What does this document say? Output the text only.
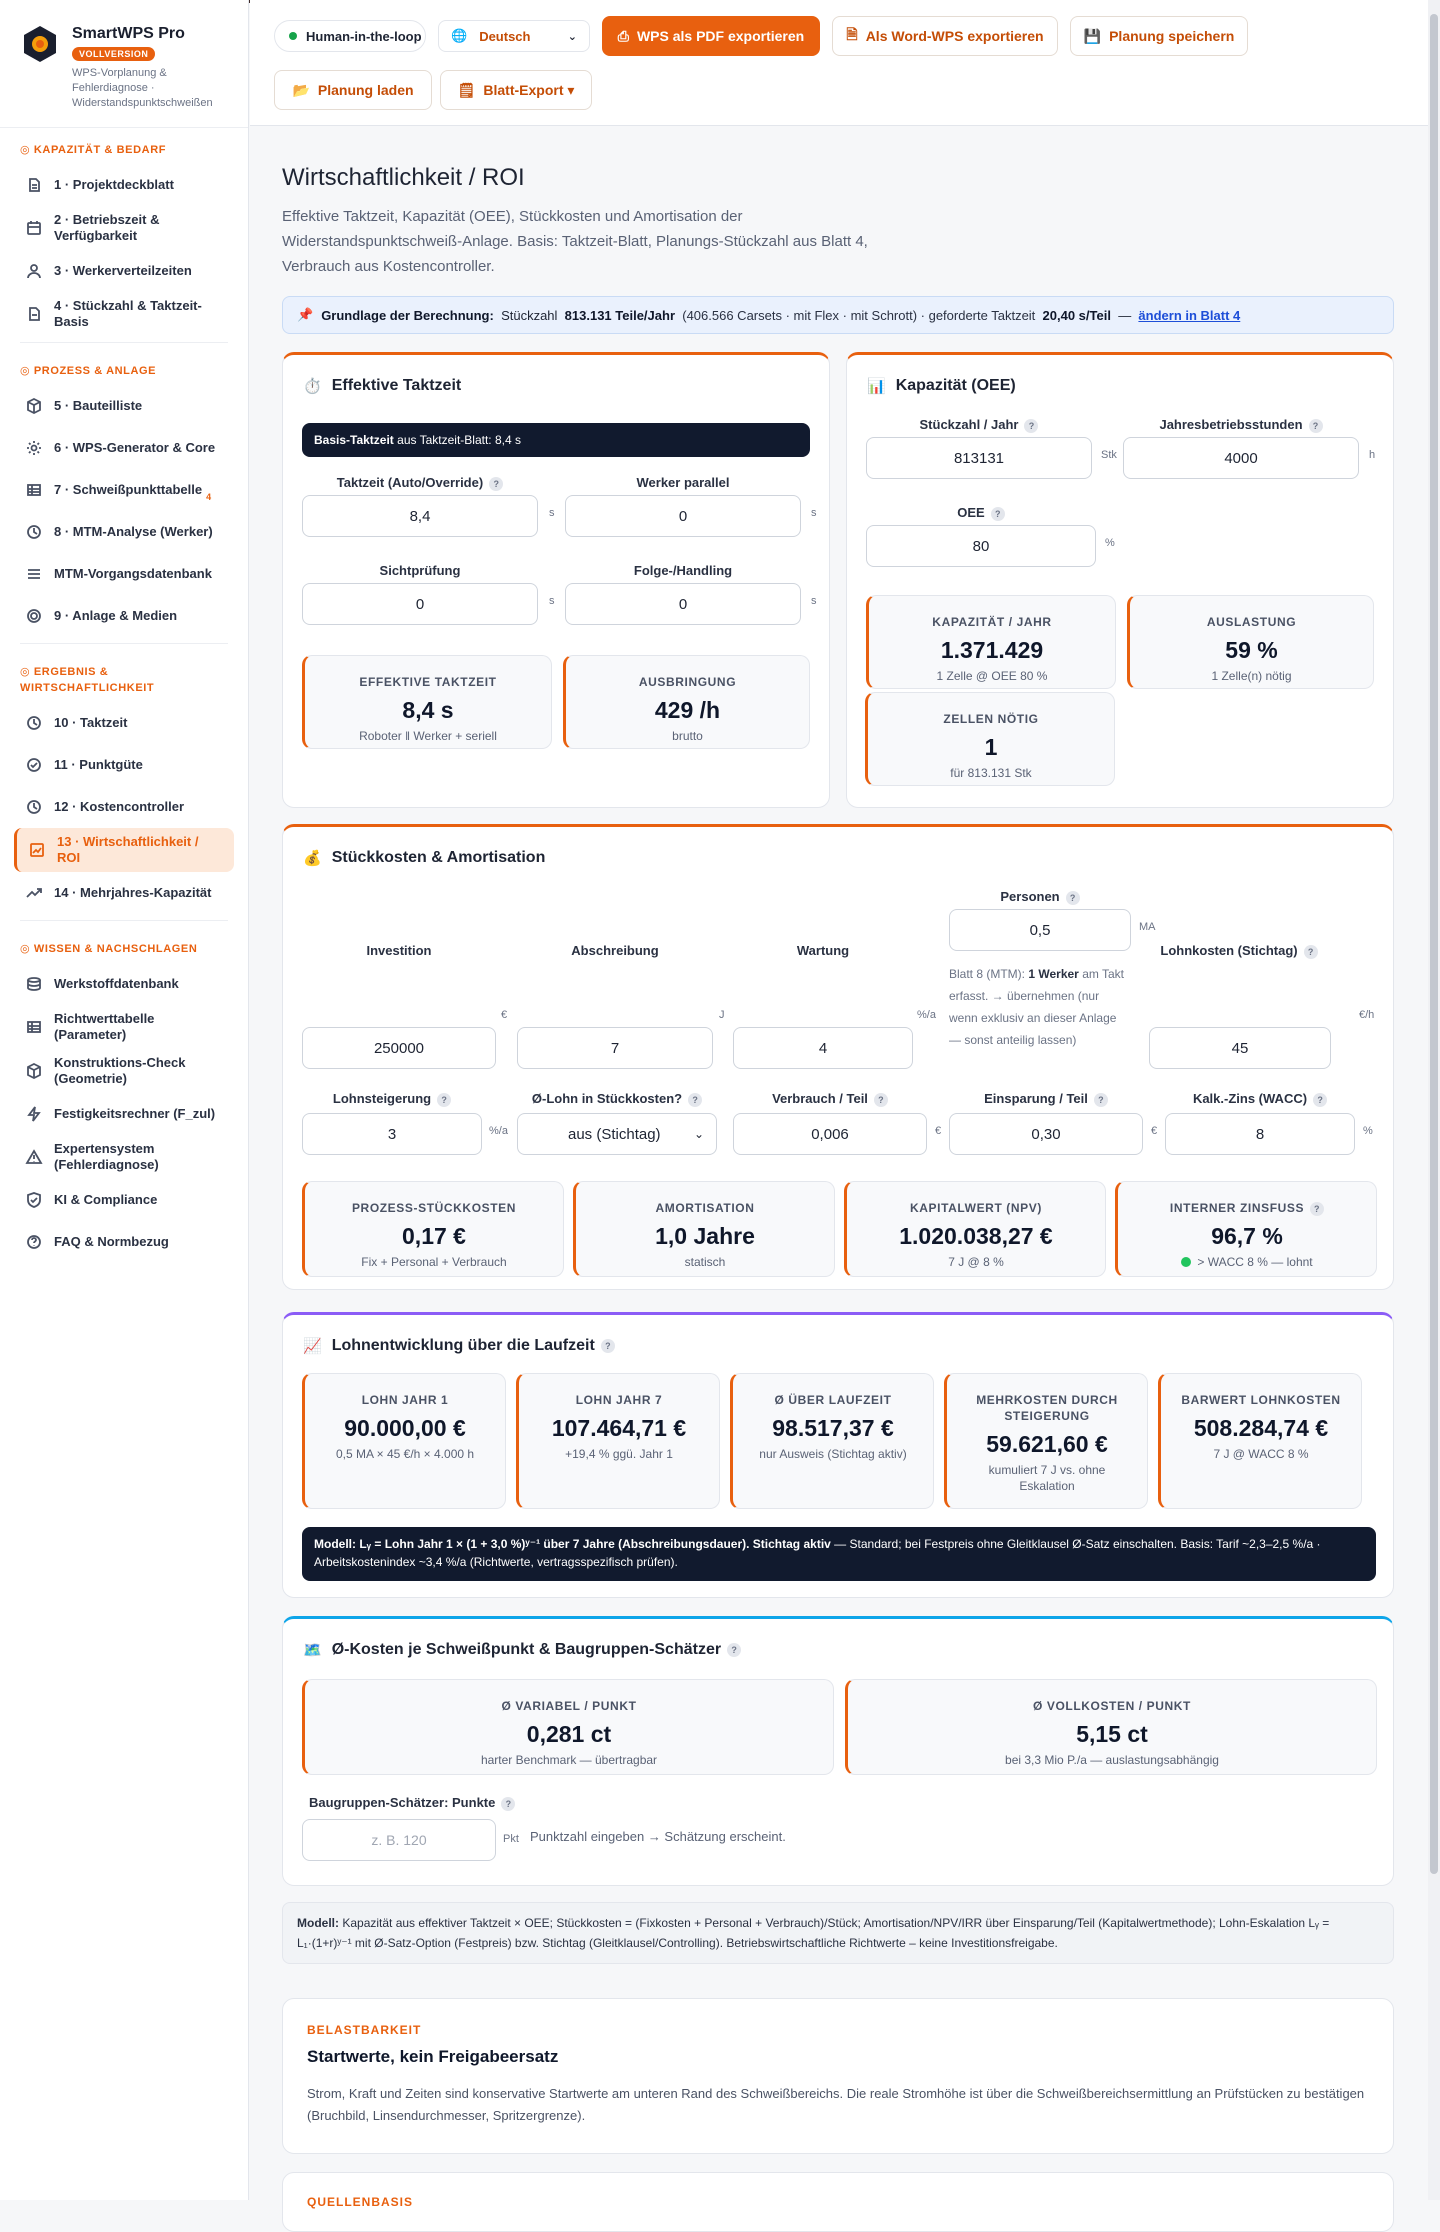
SmartWPS Pro
VOLLVERSION
WPS-Vorplanung & Fehlerdiagnose · Widerstandspunktschweißen
◎ KAPAZITÄT & BEDARF
1 · Projektdeckblatt
2 · Betriebszeit & Verfügbarkeit
3 · Werkerverteilzeiten
4 · Stückzahl & Taktzeit-Basis
◎ PROZESS & ANLAGE
5 · Bauteilliste
6 · WPS-Generator & Core
7 · Schweißpunkttabelle 4
8 · MTM-Analyse (Werker)
MTM-Vorgangsdatenbank
9 · Anlage & Medien
◎ ERGEBNIS & WIRTSCHAFTLICHKEIT
10 · Taktzeit
11 · Punktgüte
12 · Kostencontroller
13 · Wirtschaftlichkeit / ROI
14 · Mehrjahres-Kapazität
◎ WISSEN & NACHSCHLAGEN
Werkstoffdatenbank
Richtwerttabelle (Parameter)
Konstruktions-Check (Geometrie)
Festigkeitsrechner (F_zul)
Expertensystem (Fehlerdiagnose)
KI & Compliance
FAQ & Normbezug
Human-in-the-loop 🌐 Deutsch	⌄	⎙ WPS als PDF exportieren	🗎 Als Word-WPS exportieren	💾 Planung speichern
📂 Planung laden	🗒 Blatt-Export ▾
Wirtschaftlichkeit / ROI
Effektive Taktzeit, Kapazität (OEE), Stückkosten und Amortisation der Widerstandspunktschweiß-Anlage. Basis: Taktzeit-Blatt, Planungs-Stückzahl aus Blatt 4, Verbrauch aus Kostencontroller.
📌 Grundlage der Berechnung:
Stückzahl
813.131 Teile/Jahr
(406.566 Carsets · mit Flex · mit Schrott) · geforderte Taktzeit
20,40 s/Teil
—
ändern in Blatt 4
⏱️ Effektive Taktzeit
Basis-Taktzeit
aus Taktzeit-Blatt: 8,4 s
Taktzeit (Auto/Override) ?
8,4	s
Werker parallel
0	s
Sichtprüfung
0	s
Folge-/Handling
0	s
EFFEKTIVE TAKTZEIT
8,4 s
Roboter ‖ Werker + seriell
AUSBRINGUNG
429 /h
brutto
📊 Kapazität (OEE)
Stückzahl / Jahr ?
813131	Stk
Jahresbetriebsstunden ?
4000	h
OEE ?
80	%
KAPAZITÄT / JAHR
1.371.429
1 Zelle @ OEE 80 %
AUSLASTUNG
59 %
1 Zelle(n) nötig
ZELLEN NÖTIG
1
für 813.131 Stk
💰 Stückkosten & Amortisation
Investition
€
250000
Abschreibung
J
7
Wartung
%/a
4
Personen ?
0,5	MA
Blatt 8 (MTM): 1 Werker am Takt erfasst. → übernehmen (nur wenn exklusiv an dieser Anlage — sonst anteilig lassen)
Lohnkosten (Stichtag) ?
€/h
45
Lohnsteigerung ?
3	%/a
Ø-Lohn in Stückkosten? ?
aus (Stichtag)	⌄
Verbrauch / Teil ?
0,006	€
Einsparung / Teil ?
0,30	€
Kalk.-Zins (WACC) ?
8	%
PROZESS-STÜCKKOSTEN
0,17 €
Fix + Personal + Verbrauch
AMORTISATION
1,0 Jahre
statisch
KAPITALWERT (NPV)
1.020.038,27 €
7 J @ 8 %
INTERNER ZINSFUSS ?
96,7 %
> WACC 8 % — lohnt
📈 Lohnentwicklung über die Laufzeit	?
LOHN JAHR 1
90.000,00 €
0,5 MA × 45 €/h × 4.000 h
LOHN JAHR 7
107.464,71 €
+19,4 % ggü. Jahr 1
Ø ÜBER LAUFZEIT
98.517,37 €
nur Ausweis (Stichtag aktiv)
MEHRKOSTEN DURCH STEIGERUNG
59.621,60 €
kumuliert 7 J vs. ohne Eskalation
BARWERT LOHNKOSTEN
508.284,74 €
7 J @ WACC 8 %
Modell: Lᵧ = Lohn Jahr 1 × (1 + 3,0 %)ʸ⁻¹ über 7 Jahre (Abschreibungsdauer). Stichtag aktiv — Standard; bei Festpreis ohne Gleitklausel Ø-Satz einschalten. Basis: Tarif ~2,3–2,5 %/a · Arbeitskostenindex ~3,4 %/a (Richtwerte, vertragsspezifisch prüfen).
🗺️ Ø-Kosten je Schweißpunkt & Baugruppen-Schätzer	?
Ø VARIABEL / PUNKT
0,281 ct
harter Benchmark — übertragbar
Ø VOLLKOSTEN / PUNKT
5,15 ct
bei 3,3 Mio P./a — auslastungsabhängig
Baugruppen-Schätzer: Punkte ?
z. B. 120	Pkt Punktzahl eingeben → Schätzung erscheint.
Modell: Kapazität aus effektiver Taktzeit × OEE; Stückkosten = (Fixkosten + Personal + Verbrauch)/Stück; Amortisation/NPV/IRR über Einsparung/Teil (Kapitalwertmethode); Lohn-Eskalation Lᵧ = L₁·(1+r)ʸ⁻¹ mit Ø-Satz-Option (Festpreis) bzw. Stichtag (Gleitklausel/Controlling). Betriebswirtschaftliche Richtwerte – keine Investitionsfreigabe.
BELASTBARKEIT
Startwerte, kein Freigabeersatz
Strom, Kraft und Zeiten sind konservative Startwerte am unteren Rand des Schweißbereichs. Die reale Stromhöhe ist über die Schweißbereichsermittlung an Prüfstücken zu bestätigen (Bruchbild, Linsendurchmesser, Spritzergrenze).
QUELLENBASIS
